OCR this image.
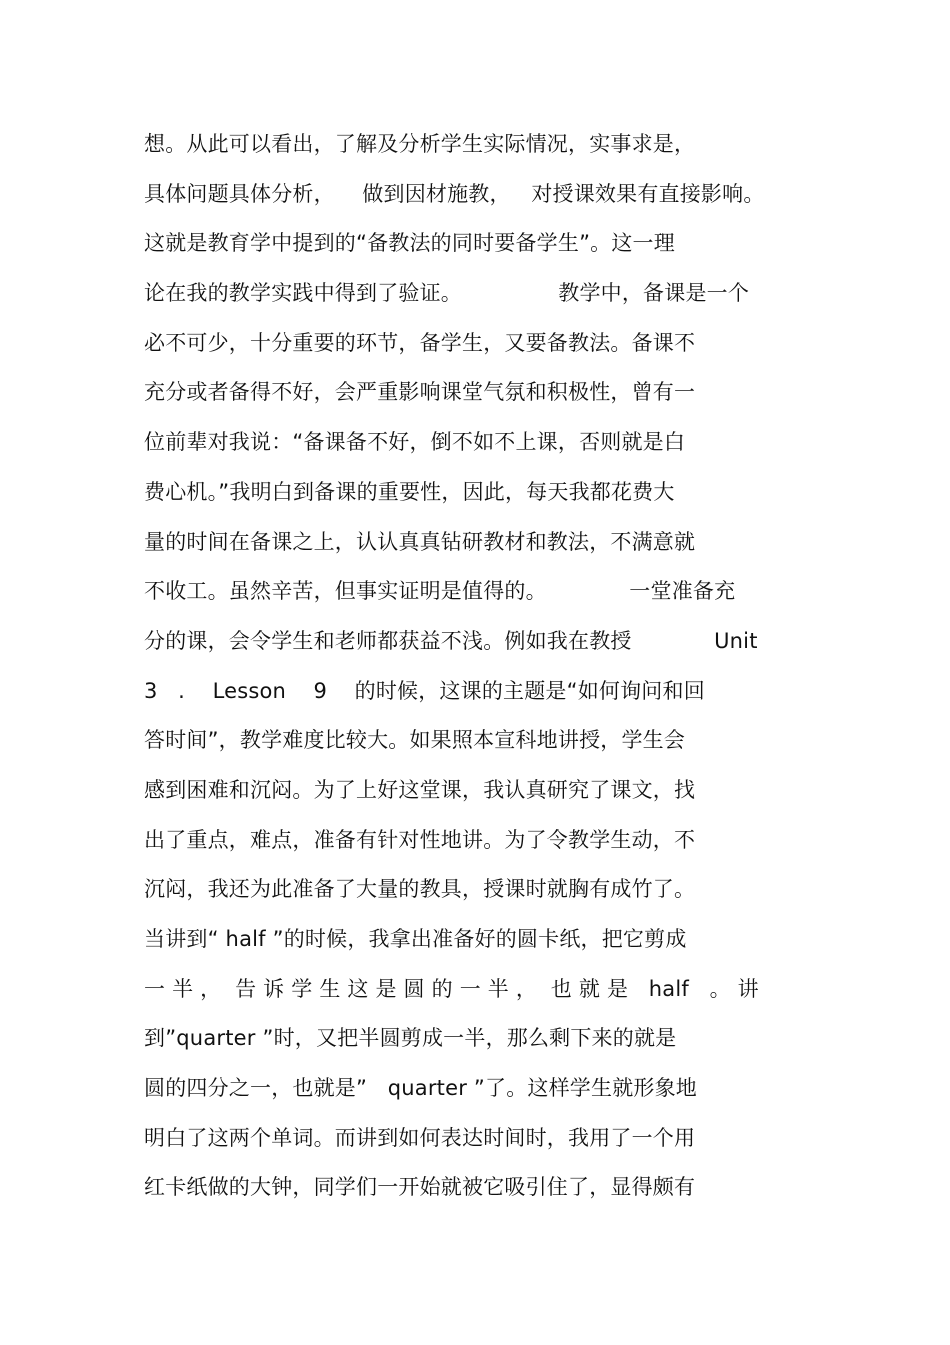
想。从此可以看出，了解及分析学生实际情况，实事求是，
具体问题具体分析，    做到因材施教，   对授课效果有直接影响。
这就是教育学中提到的“备教法的同时要备学生”。这一理
论在我的教学实践中得到了验证。              教学中，备课是一个
必不可少，十分重要的环节，备学生，又要备教法。备课不
充分或者备得不好，会严重影响课堂气氛和积极性，曾有一
位前辈对我说：“备课备不好，倒不如不上课，否则就是白
费心机。”我明白到备课的重要性，因此，每天我都花费大
量的时间在备课之上，认认真真钻研教材和教法，不满意就
不收工。虽然辛苦，但事实证明是值得的。            一堂准备充
分的课，会令学生和老师都获益不浅。例如我在教授            Unit
3   .    Lesson    9    的时候，这课的主题是“如何询问和回
答时间”，教学难度比较大。如果照本宣科地讲授，学生会
感到困难和沉闷。为了上好这堂课，我认真研究了课文，找
出了重点，难点，准备有针对性地讲。为了令教学生动，不
沉闷，我还为此准备了大量的教具，授课时就胸有成竹了。
当讲到“ half ”的时候，我拿出准备好的圆卡纸，把它剪成
一 半 ，  告 诉 学 生 这 是 圆 的 一 半 ，  也 就 是   half   。 讲
到”quarter ”时，又把半圆剪成一半，那么剩下来的就是
圆的四分之一，也就是”   quarter ”了。这样学生就形象地
明白了这两个单词。而讲到如何表达时间时，我用了一个用
红卡纸做的大钟，同学们一开始就被它吸引住了，显得颇有
